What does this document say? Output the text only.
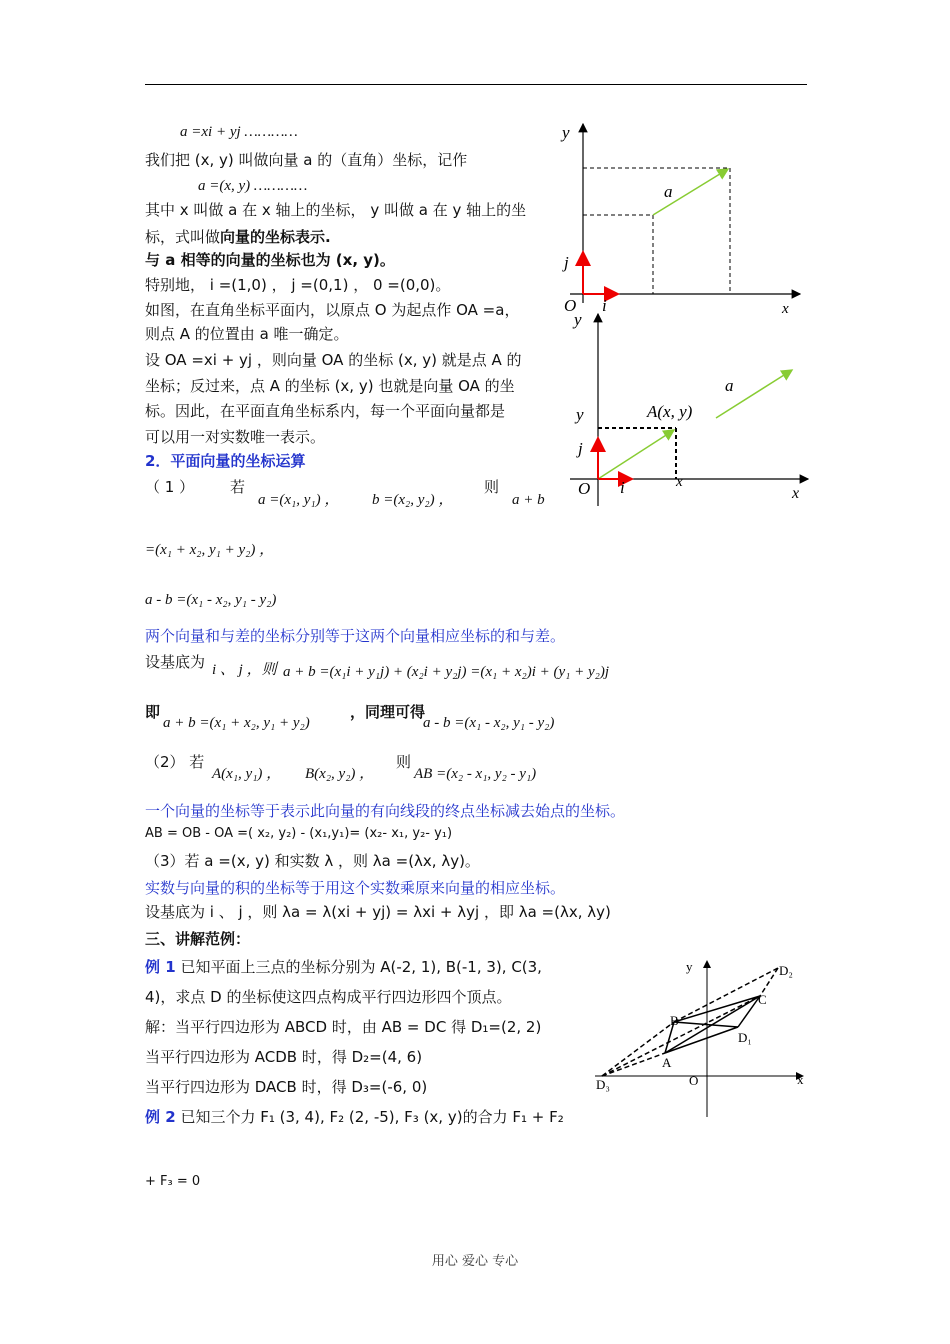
a =xi + yj …………
我们把 (x, y) 叫做向量 a 的（直角）坐标，记作
a =(x, y) …………
其中 x 叫做 a 在 x 轴上的坐标， y 叫做 a 在 y 轴上的坐
标，式叫做向量的坐标表示.
与 a 相等的向量的坐标也为 (x, y)。
特别地， i =(1,0) ， j =(0,1) ， 0 =(0,0)。
如图，在直角坐标平面内，以原点 O 为起点作 OA =a，
则点 A 的位置由 a 唯一确定。
设 OA =xi + yj ，则向量 OA 的坐标 (x, y) 就是点 A 的
坐标；反过来，点 A 的坐标 (x, y) 也就是向量 OA 的坐
标。因此，在平面直角坐标系内，每一个平面向量都是
可以用一对实数唯一表示。
2．平面向量的坐标运算
（ 1 ） 若
a =(x₁, y₁) ， b =(x₂, y₂) ，
则
a + b
=(x₁ + x₂, y₁ + y₂) ，
a - b =(x₁ - x₂, y₁ - y₂)
两个向量和与差的坐标分别等于这两个向量相应坐标的和与差。
设基底为 i 、 j ，则 a + b =(x₁i + y₁j) + (x₂i + y₂j) =(x₁ + x₂)i + (y₁ + y₂)j
即
a + b =(x₁ + x₂, y₁ + y₂)
，同理可得
a - b =(x₁ - x₂, y₁ - y₂)
（2） 若
A(x₁, y₁) ， B(x₂, y₂) ，
则
AB =(x₂ - x₁, y₂ - y₁)
一个向量的坐标等于表示此向量的有向线段的终点坐标减去始点的坐标。
AB = OB - OA =( x₂, y₂) - (x₁,y₁)= (x₂- x₁, y₂- y₁)
（3）若 a =(x, y) 和实数 λ ，则 λa =(λx, λy)。
实数与向量的积的坐标等于用这个实数乘原来向量的相应坐标。
设基底为 i 、 j ，则 λa = λ(xi + yj) = λxi + λyj ，即 λa =(λx, λy)
三、讲解范例：
例 1 已知平面上三点的坐标分别为 A(-2, 1), B(-1, 3), C(3,
4)，求点 D 的坐标使这四点构成平行四边形四个顶点。
解：当平行四边形为 ABCD 时，由 AB = DC 得 D₁=(2, 2)
当平行四边形为 ACDB 时，得 D₂=(4, 6)
当平行四边形为 DACB 时，得 D₃=(-6, 0)
例 2 已知三个力 F₁ (3, 4), F₂ (2, -5), F₃ (x, y)的合力 F₁ + F₂
+ F₃ = 0
y
x
a
j
i
O
y
x
a
A(x, y)
y
j
O i	x
y
x
O
A
B
C
D₁
D₂
D₃
用心 爱心 专心
